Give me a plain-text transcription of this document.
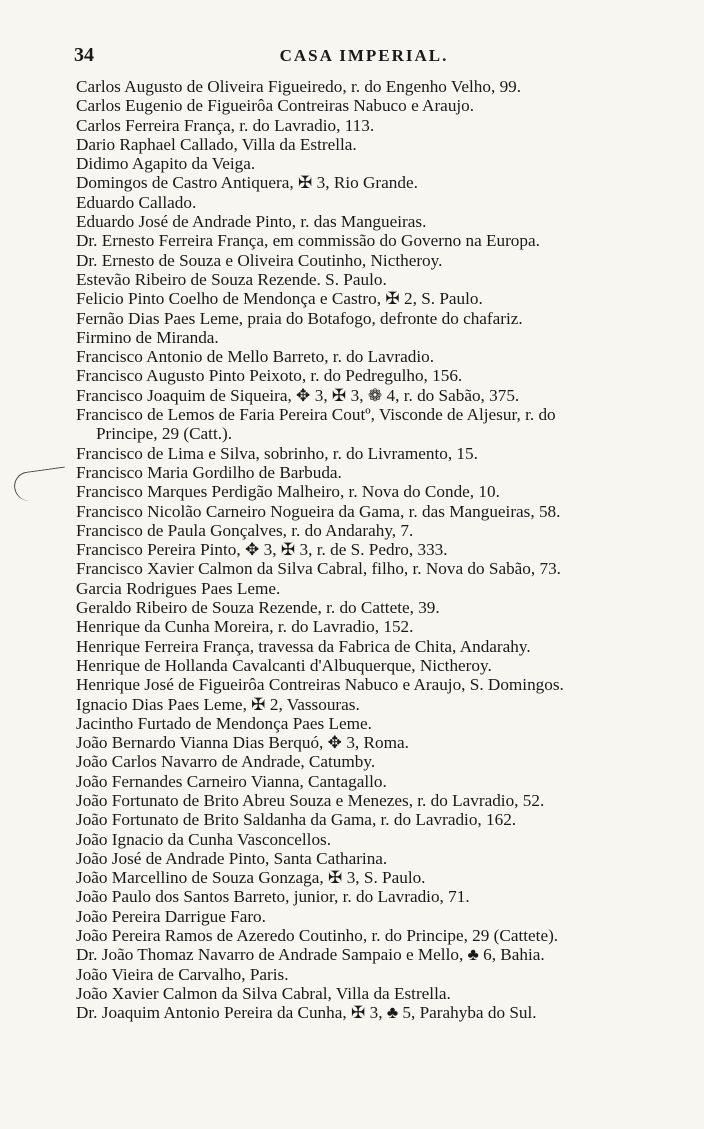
34	CASA IMPERIAL.
Carlos Augusto de Oliveira Figueiredo, r. do Engenho Velho, 99.
Carlos Eugenio de Figueirôa Contreiras Nabuco e Araujo.
Carlos Ferreira França, r. do Lavradio, 113.
Dario Raphael Callado, Villa da Estrella.
Didimo Agapito da Veiga.
Domingos de Castro Antiquera, ✠ 3, Rio Grande.
Eduardo Callado.
Eduardo José de Andrade Pinto, r. das Mangueiras.
Dr. Ernesto Ferreira França, em commissão do Governo na Europa.
Dr. Ernesto de Souza e Oliveira Coutinho, Nictheroy.
Estevão Ribeiro de Souza Rezende. S. Paulo.
Felicio Pinto Coelho de Mendonça e Castro, ✠ 2, S. Paulo.
Fernão Dias Paes Leme, praia do Botafogo, defronte do chafariz.
Firmino de Miranda.
Francisco Antonio de Mello Barreto, r. do Lavradio.
Francisco Augusto Pinto Peixoto, r. do Pedregulho, 156.
Francisco Joaquim de Siqueira, ✥ 3, ✠ 3, ❁ 4, r. do Sabão, 375.
Francisco de Lemos de Faria Pereira Coutº, Visconde de Aljesur, r. do
Principe, 29 (Catt.).
Francisco de Lima e Silva, sobrinho, r. do Livramento, 15.
Francisco Maria Gordilho de Barbuda.
Francisco Marques Perdigão Malheiro, r. Nova do Conde, 10.
Francisco Nicolão Carneiro Nogueira da Gama, r. das Mangueiras, 58.
Francisco de Paula Gonçalves, r. do Andarahy, 7.
Francisco Pereira Pinto, ✥ 3, ✠ 3, r. de S. Pedro, 333.
Francisco Xavier Calmon da Silva Cabral, filho, r. Nova do Sabão, 73.
Garcia Rodrigues Paes Leme.
Geraldo Ribeiro de Souza Rezende, r. do Cattete, 39.
Henrique da Cunha Moreira, r. do Lavradio, 152.
Henrique Ferreira França, travessa da Fabrica de Chita, Andarahy.
Henrique de Hollanda Cavalcanti d'Albuquerque, Nictheroy.
Henrique José de Figueirôa Contreiras Nabuco e Araujo, S. Domingos.
Ignacio Dias Paes Leme, ✠ 2, Vassouras.
Jacintho Furtado de Mendonça Paes Leme.
João Bernardo Vianna Dias Berquó, ✥ 3, Roma.
João Carlos Navarro de Andrade, Catumby.
João Fernandes Carneiro Vianna, Cantagallo.
João Fortunato de Brito Abreu Souza e Menezes, r. do Lavradio, 52.
João Fortunato de Brito Saldanha da Gama, r. do Lavradio, 162.
João Ignacio da Cunha Vasconcellos.
João José de Andrade Pinto, Santa Catharina.
João Marcellino de Souza Gonzaga, ✠ 3, S. Paulo.
João Paulo dos Santos Barreto, junior, r. do Lavradio, 71.
João Pereira Darrigue Faro.
João Pereira Ramos de Azeredo Coutinho, r. do Principe, 29 (Cattete).
Dr. João Thomaz Navarro de Andrade Sampaio e Mello, ♣ 6, Bahia.
João Vieira de Carvalho, Paris.
João Xavier Calmon da Silva Cabral, Villa da Estrella.
Dr. Joaquim Antonio Pereira da Cunha, ✠ 3, ♣ 5, Parahyba do Sul.
